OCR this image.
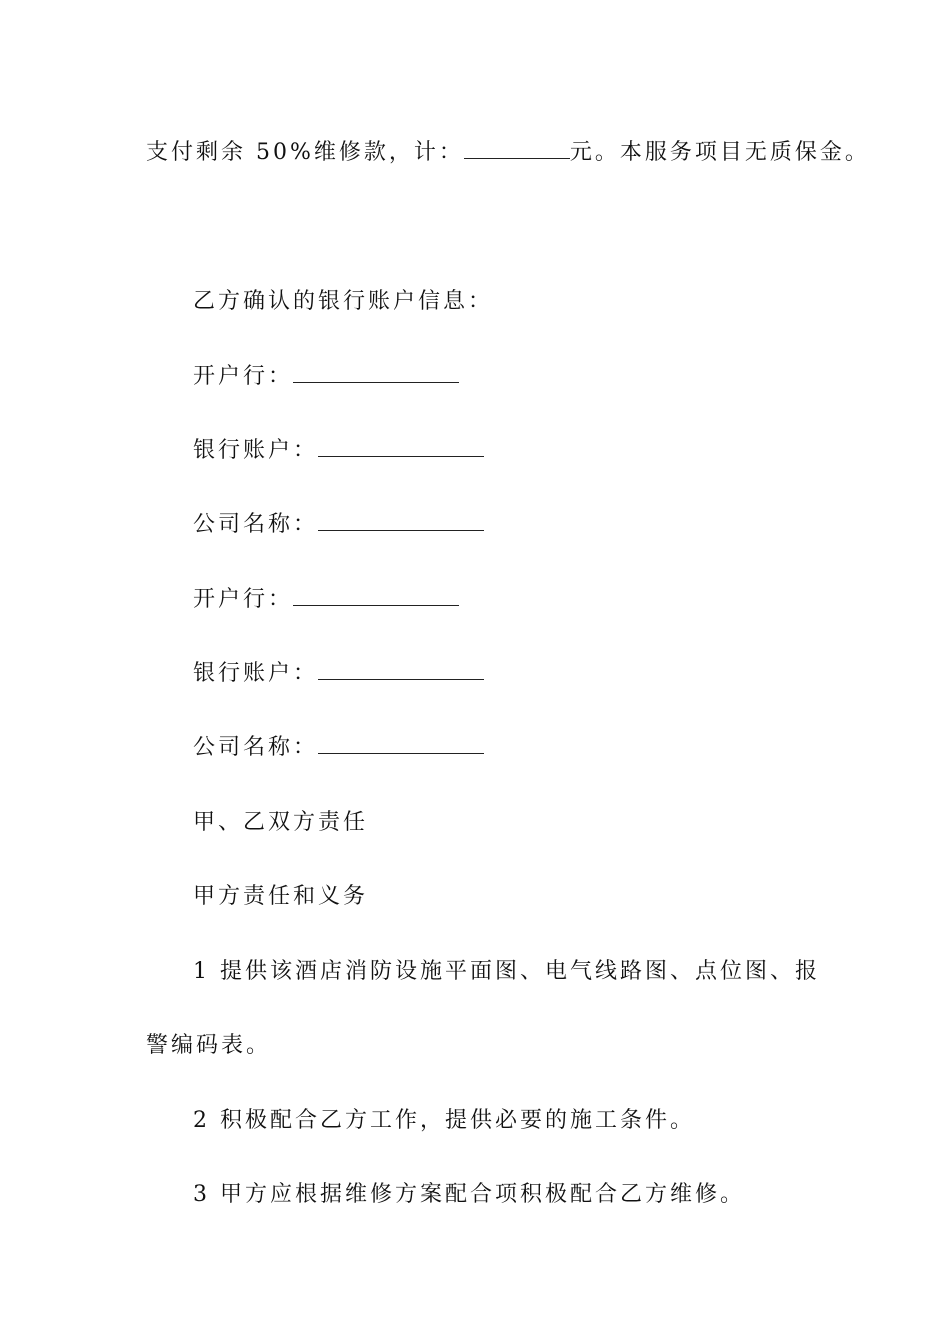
支付剩余 50%维修款，计：	元。本服务项目无质保金。
乙方确认的银行账户信息：
开户行：
银行账户：
公司名称：
开户行：
银行账户：
公司名称：
甲、乙双方责任
甲方责任和义务
1 提供该酒店消防设施平面图、电气线路图、点位图、报
警编码表。
2 积极配合乙方工作，提供必要的施工条件。
3 甲方应根据维修方案配合项积极配合乙方维修。
